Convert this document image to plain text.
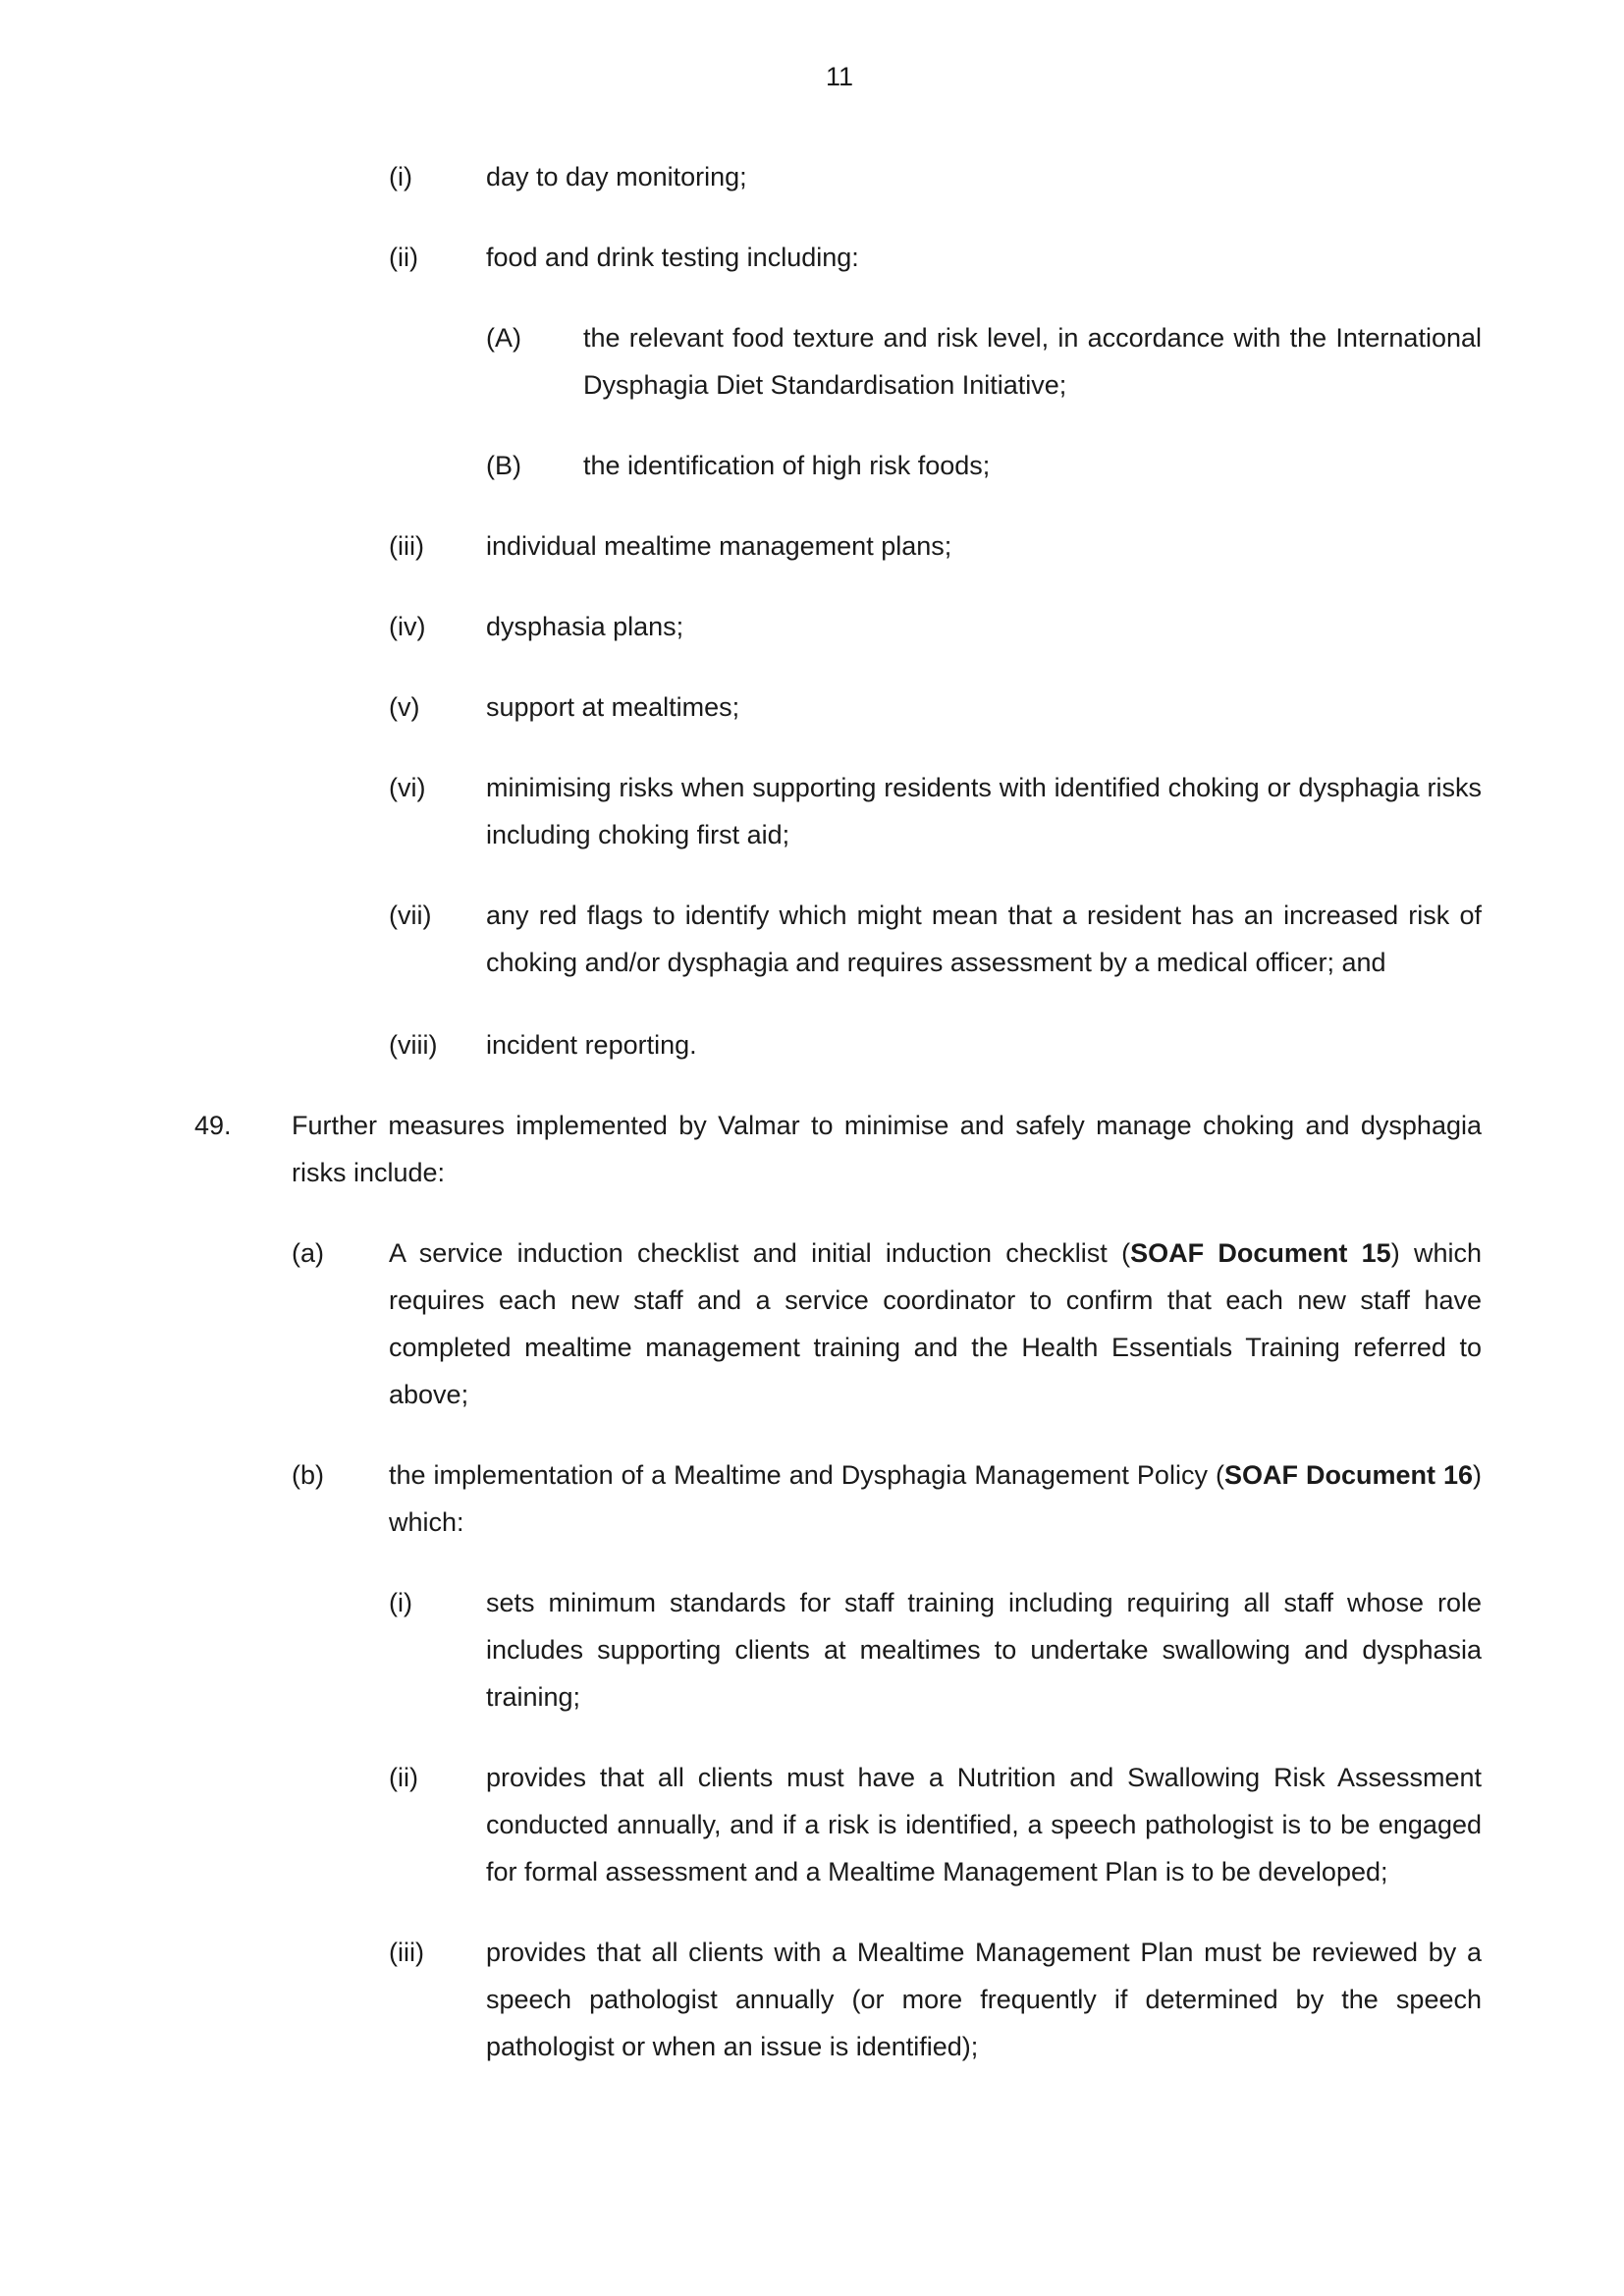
11
(i)	day to day monitoring;
(ii)	food and drink testing including:
(A) the relevant food texture and risk level, in accordance with the International Dysphagia Diet Standardisation Initiative;
(B) the identification of high risk foods;
(iii) individual mealtime management plans;
(iv) dysphasia plans;
(v)	support at mealtimes;
(vi) minimising risks when supporting residents with identified choking or dysphagia risks including choking first aid;
(vii) any red flags to identify which might mean that a resident has an increased risk of choking and/or dysphagia and requires assessment by a medical officer; and
(viii) incident reporting.
49. Further measures implemented by Valmar to minimise and safely manage choking and dysphagia risks include:
(a) A service induction checklist and initial induction checklist (SOAF Document 15) which requires each new staff and a service coordinator to confirm that each new staff have completed mealtime management training and the Health Essentials Training referred to above;
(b) the implementation of a Mealtime and Dysphagia Management Policy (SOAF Document 16) which:
(i)	sets minimum standards for staff training including requiring all staff whose role includes supporting clients at mealtimes to undertake swallowing and dysphasia training;
(ii)	provides that all clients must have a Nutrition and Swallowing Risk Assessment conducted annually, and if a risk is identified, a speech pathologist is to be engaged for formal assessment and a Mealtime Management Plan is to be developed;
(iii) provides that all clients with a Mealtime Management Plan must be reviewed by a speech pathologist annually (or more frequently if determined by the speech pathologist or when an issue is identified);
